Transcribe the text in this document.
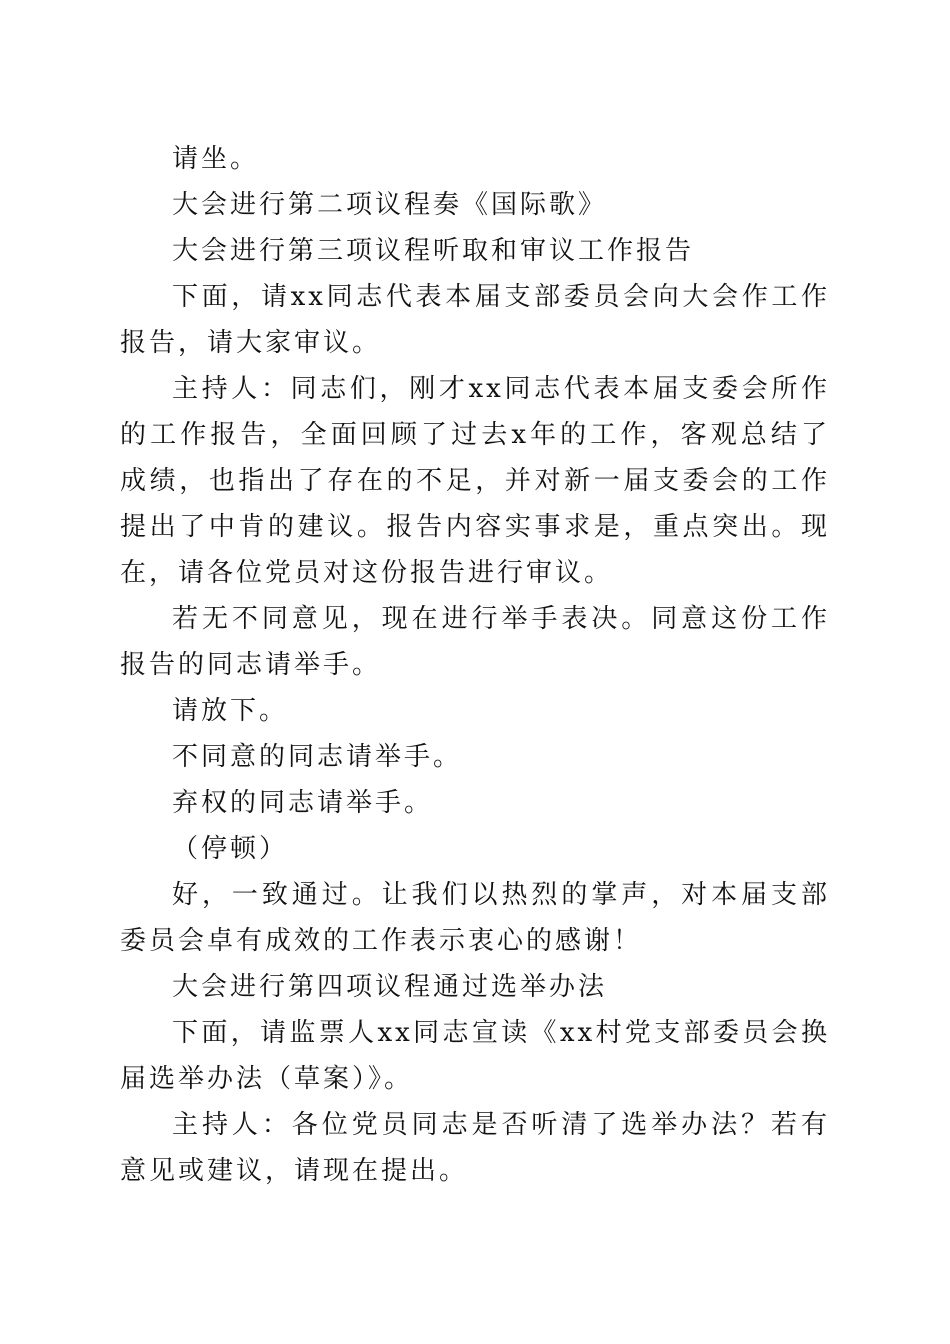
请坐。

大会进行第二项议程奏《国际歌》

大会进行第三项议程听取和审议工作报告

下面，请xx同志代表本届支部委员会向大会作工作报告，请大家审议。

主持人：同志们，刚才xx同志代表本届支委会所作的工作报告，全面回顾了过去x年的工作，客观总结了成绩，也指出了存在的不足，并对新一届支委会的工作提出了中肯的建议。报告内容实事求是，重点突出。现在，请各位党员对这份报告进行审议。

若无不同意见，现在进行举手表决。同意这份工作报告的同志请举手。

请放下。

不同意的同志请举手。

弃权的同志请举手。

（停顿）

好，一致通过。让我们以热烈的掌声，对本届支部委员会卓有成效的工作表示衷心的感谢！

大会进行第四项议程通过选举办法

下面，请监票人xx同志宣读《xx村党支部委员会换届选举办法（草案）》。

主持人：各位党员同志是否听清了选举办法？若有意见或建议，请现在提出。
